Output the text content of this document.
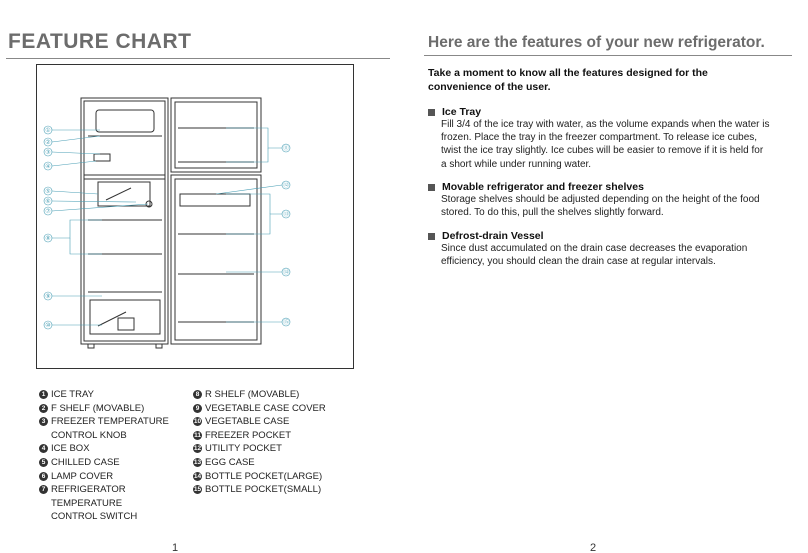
FEATURE CHART
①
②
③
④
⑤
⑥
⑦
⑧
⑨
⑩
⑪
⑫
⑬
⑭
⑮
1 ICE TRAY
2 F SHELF (MOVABLE)
3 FREEZER TEMPERATURE
CONTROL KNOB
4 ICE BOX
5 CHILLED CASE
6 LAMP COVER
7 REFRIGERATOR TEMPERATURE
CONTROL SWITCH
8 R SHELF (MOVABLE)
9 VEGETABLE CASE COVER
10 VEGETABLE CASE
11 FREEZER POCKET
12 UTILITY POCKET
13 EGG CASE
14 BOTTLE POCKET(LARGE)
15 BOTTLE POCKET(SMALL)
1
Here are the features of your new refrigerator.
Take a moment to know all the features designed for the convenience of the user.
Ice Tray
Fill 3/4 of the ice tray with water, as the volume expands when the water is frozen. Place the tray in the freezer compartment. To release ice cubes, twist the ice tray slightly. Ice cubes will be easier to remove if it is held for a short while under running water.
Movable refrigerator and freezer shelves
Storage shelves should be adjusted depending on the height of the food stored. To do this, pull the shelves slightly forward.
Defrost-drain Vessel
Since dust accumulated on the drain case decreases the evaporation efficiency, you should clean the drain case at regular intervals.
2
